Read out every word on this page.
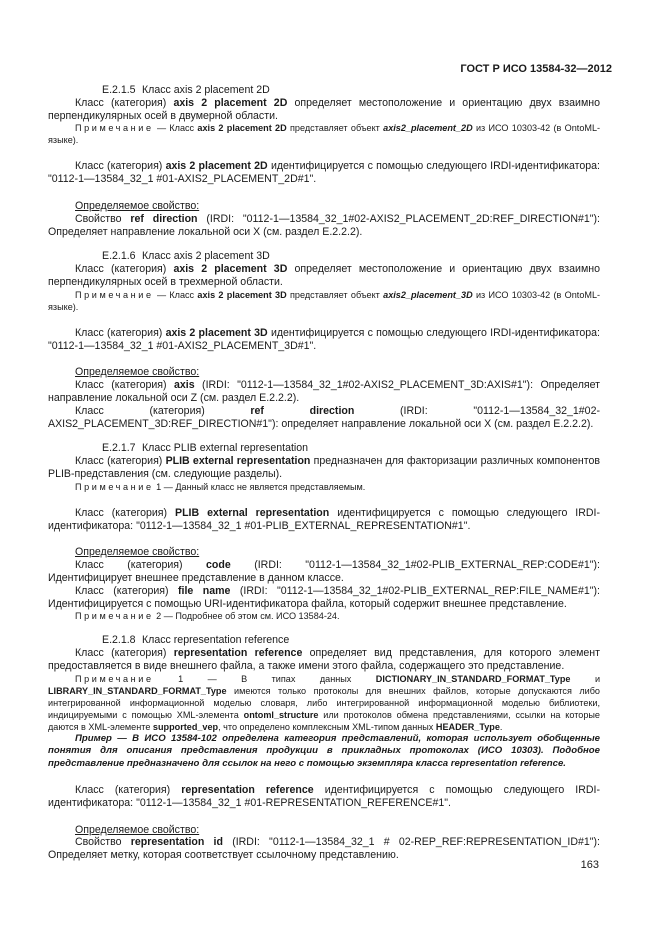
ГОСТ Р ИСО 13584-32—2012

E.2.1.5 Класс axis 2 placement 2D

Класс (категория) axis 2 placement 2D определяет местоположение и ориентацию двух взаимно перпендикулярных осей в двумерной области.

Примечание — Класс axis 2 placement 2D представляет объект axis2_placement_2D из ИСО 10303-42 (в OntoML-языке).

Класс (категория) axis 2 placement 2D идентифицируется с помощью следующего IRDI-идентификатора: "0112-1—13584_32_1 #01-AXIS2_PLACEMENT_2D#1".

Определяемое свойство:

Свойство ref direction (IRDI: "0112-1—13584_32_1#02-AXIS2_PLACEMENT_2D:REF_DIRECTION#1"): Определяет направление локальной оси X (см. раздел E.2.2.2).

E.2.1.6 Класс axis 2 placement 3D

Класс (категория) axis 2 placement 3D определяет местоположение и ориентацию двух взаимно перпендикулярных осей в трехмерной области.

Примечание — Класс axis 2 placement 3D представляет объект axis2_placement_3D из ИСО 10303-42 (в OntoML-языке).

Класс (категория) axis 2 placement 3D идентифицируется с помощью следующего IRDI-идентификатора: "0112-1—13584_32_1 #01-AXIS2_PLACEMENT_3D#1".

Определяемое свойство:

Класс (категория) axis (IRDI: "0112-1—13584_32_1#02-AXIS2_PLACEMENT_3D:AXIS#1"): Определяет направление локальной оси Z (см. раздел E.2.2.2).

Класс (категория)	ref direction	(IRDI: "0112-1—13584_32_1#02-AXIS2_PLACEMENT_3D:REF_DIRECTION#1"): определяет направление локальной оси X (см. раздел E.2.2.2).

E.2.1.7 Класс PLIB external representation

Класс (категория) PLIB external representation предназначен для факторизации различных компонентов PLIB-представления (см. следующие разделы).

Примечание 1 — Данный класс не является представляемым.

Класс (категория) PLIB external representation идентифицируется с помощью следующего IRDI-идентификатора: "0112-1—13584_32_1 #01-PLIB_EXTERNAL_REPRESENTATION#1".

Определяемое свойство:

Класс (категория) code (IRDI: "0112-1—13584_32_1#02-PLIB_EXTERNAL_REP:CODE#1"): Идентифицирует внешнее представление в данном классе.

Класс (категория) file name (IRDI: "0112-1—13584_32_1#02-PLIB_EXTERNAL_REP:FILE_NAME#1"): Идентифицируется с помощью URI-идентификатора файла, который содержит внешнее представление.

Примечание 2 — Подробнее об этом см. ИСО 13584-24.

E.2.1.8 Класс representation reference

Класс (категория) representation reference определяет вид представления, для которого элемент предоставляется в виде внешнего файла, а также имени этого файла, содержащего это представление.

Примечание	1 — В типах данных	DICTIONARY_IN_STANDARD_FORMAT_Type	и LIBRARY_IN_STANDARD_FORMAT_Type имеются только протоколы для внешних файлов, которые допускаются либо интегрированной информационной моделью словаря, либо интегрированной информационной моделью библиотеки, индицируемыми с помощью XML-элемента ontoml_structure или протоколов обмена представлениями, ссылки на которые даются в XML-элементе supported_vep, что определено комплексным XML-типом данных HEADER_Type.

Пример — В ИСО 13584-102 определена категория представлений, которая использует обобщенные понятия для описания представления продукции в прикладных протоколах (ИСО 10303). Подобное представление предназначено для ссылок на него с помощью экземпляра класса representation reference.

Класс (категория) representation reference идентифицируется с помощью следующего IRDI-идентификатора: "0112-1—13584_32_1 #01-REPRESENTATION_REFERENCE#1".

Определяемое свойство:

Свойство representation id (IRDI: "0112-1—13584_32_1 # 02-REP_REF:REPRESENTATION_ID#1"): Определяет метку, которая соответствует ссылочному представлению.

163
